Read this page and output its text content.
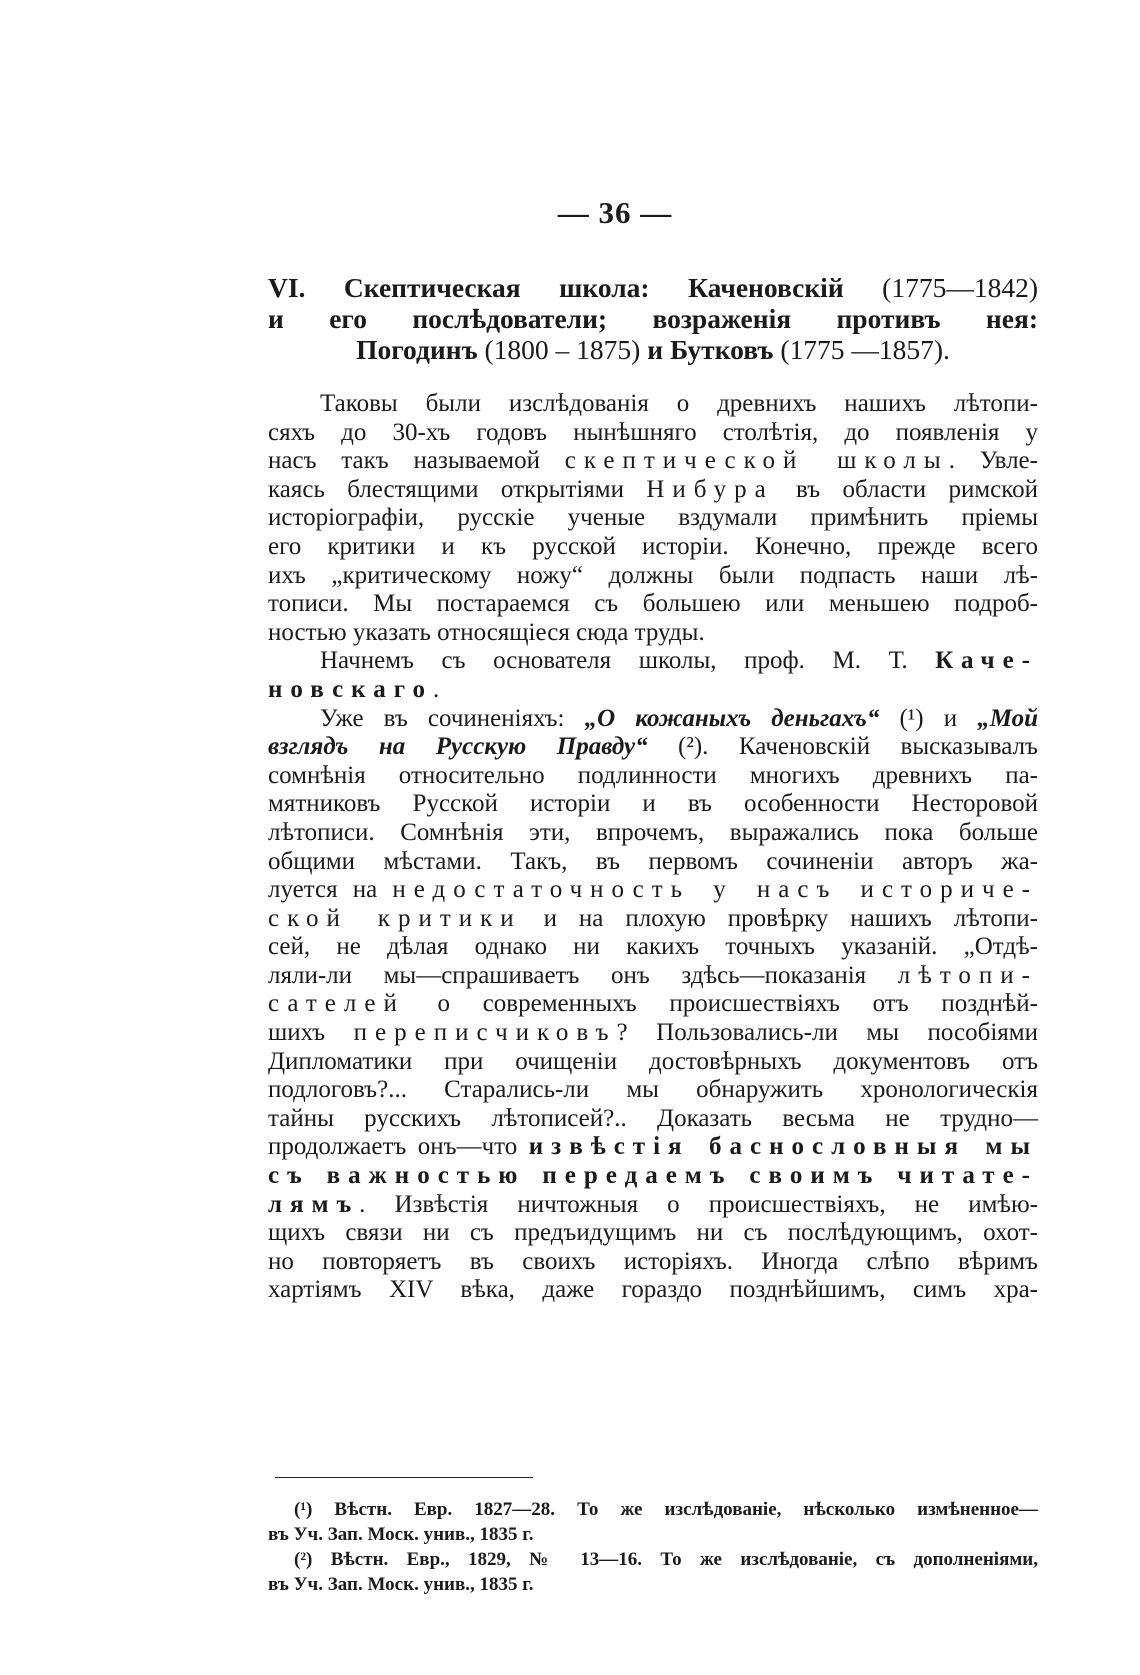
— 36 —
VI. Скептическая школа: Каченовскій (1775—1842)
и его послѣдователи; возраженія противъ нея:
Погодинъ (1800 – 1875) и Бутковъ (1775 —1857).
Таковы были изслѣдованія о древнихъ нашихъ лѣтопи-
сяхъ до 30-хъ годовъ нынѣшняго столѣтія, до появленія у
насъ такъ называемой скептической школы. Увле-
каясь блестящими открытіями Нибура въ области римской
исторіографіи, русскіе ученые вздумали примѣнить пріемы
его критики и къ русской исторіи. Конечно, прежде всего
ихъ „критическому ножу“ должны были подпасть наши лѣ-
тописи. Мы постараемся съ большею или меньшею подроб-
ностью указать относящіеся сюда труды.
Начнемъ съ основателя школы, проф. М. Т. Каче-
новскаго.
Уже въ сочиненіяхъ: „О кожаныхъ деньгахъ“ (¹) и „Мой
взглядъ на Русскую Правду“ (²). Каченовскій высказывалъ
сомнѣнія относительно подлинности многихъ древнихъ па-
мятниковъ Русской исторіи и въ особенности Несторовой
лѣтописи. Сомнѣнія эти, впрочемъ, выражались пока больше
общими мѣстами. Такъ, въ первомъ сочиненіи авторъ жа-
луется на недостаточность у насъ историче-
ской критики и на плохую провѣрку нашихъ лѣтопи-
сей, не дѣлая однако ни какихъ точныхъ указаній. „Отдѣ-
ляли-ли мы—спрашиваетъ онъ здѣсь—показанія лѣтопи-
сателей о современныхъ происшествіяхъ отъ позднѣй-
шихъ переписчиковъ? Пользовались-ли мы пособіями
Дипломатики при очищеніи достовѣрныхъ документовъ отъ
подлоговъ?... Старались-ли мы обнаружить хронологическія
тайны русскихъ лѣтописей?.. Доказать весьма не трудно—
продолжаетъ онъ—что извѣстія баснословныя мы
съ важностью передаемъ своимъ читате-
лямъ. Извѣстія ничтожныя о происшествіяхъ, не имѣю-
щихъ связи ни съ предъидущимъ ни съ послѣдующимъ, охот-
но повторяетъ въ своихъ исторіяхъ. Иногда слѣпо вѣримъ
хартіямъ XIV вѣка, даже гораздо позднѣйшимъ, симъ хра-
(¹) Вѣстн. Евр. 1827—28. То же изслѣдованіе, нѣсколько измѣненное—
въ Уч. Зап. Моск. унив., 1835 г.
(²) Вѣстн. Евр., 1829, № 13—16. То же изслѣдованіе, съ дополненіями,
въ Уч. Зап. Моск. унив., 1835 г.
